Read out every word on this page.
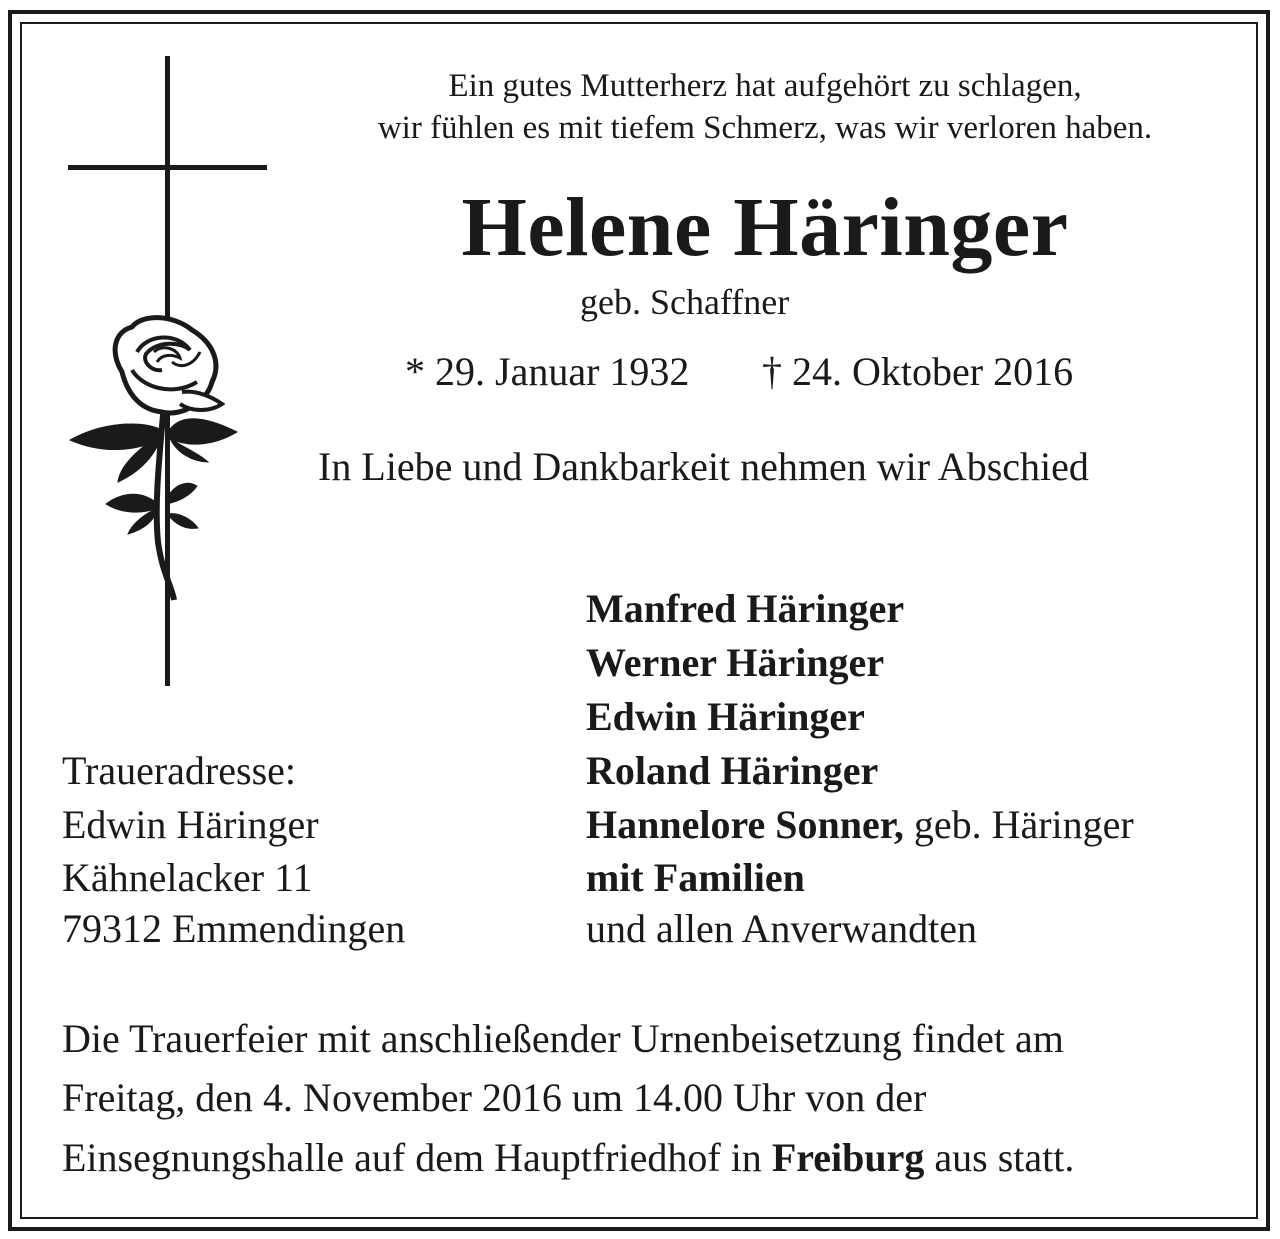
Ein gutes Mutterherz hat aufgehört zu schlagen,
wir fühlen es mit tiefem Schmerz, was wir verloren haben.
Helene Häringer
geb. Schaffner
* 29. Januar 1932 † 24. Oktober 2016
In Liebe und Dankbarkeit nehmen wir Abschied
Manfred Häringer
Werner Häringer
Edwin Häringer
Roland Häringer
Hannelore Sonner, geb. Häringer
mit Familien
und allen Anverwandten
Traueradresse:
Edwin Häringer
Kähnelacker 11
79312 Emmendingen
Die Trauerfeier mit anschließender Urnenbeisetzung findet am
Freitag, den 4. November 2016 um 14.00 Uhr von der
Einsegnungshalle auf dem Hauptfriedhof in Freiburg aus statt.
